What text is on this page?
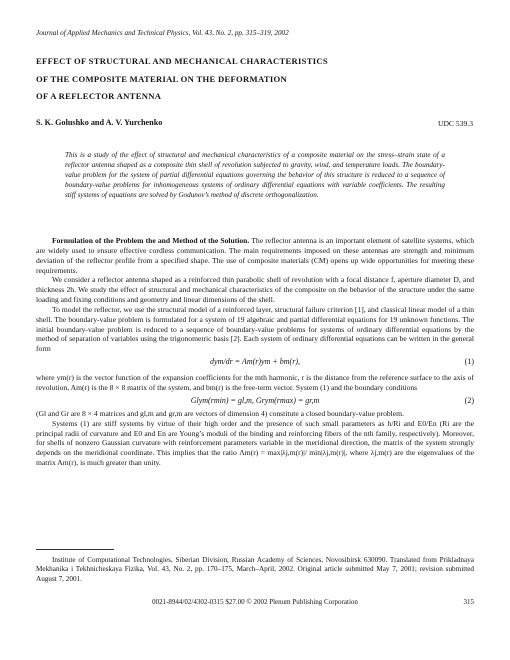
Journal of Applied Mechanics and Technical Physics, Vol. 43, No. 2, pp. 315–319, 2002
EFFECT OF STRUCTURAL AND MECHANICAL CHARACTERISTICS
OF THE COMPOSITE MATERIAL ON THE DEFORMATION
OF A REFLECTOR ANTENNA
S. K. Golushko and A. V. Yurchenko	UDC 539.3
This is a study of the effect of structural and mechanical characteristics of a composite material on the stress–strain state of a reflector antenna shaped as a composite thin shell of revolution subjected to gravity, wind, and temperature loads. The boundary-value problem for the system of partial differential equations governing the behavior of this structure is reduced to a sequence of boundary-value problems for inhomogeneous systems of ordinary differential equations with variable coefficients. The resulting stiff systems of equations are solved by Godunov’s method of discrete orthogonalization.

Formulation of the Problem the and Method of the Solution. The reflector antenna is an important element of satellite systems, which are widely used to ensure effective cordless communication. The main requirements imposed on these antennas are strength and minimum deviation of the reflector profile from a specified shape. The use of composite materials (CM) opens up wide opportunities for meeting these requirements.

We consider a reflector antenna shaped as a reinforced thin parabolic shell of revolution with a focal distance f, aperture diameter D, and thickness 2h. We study the effect of structural and mechanical characteristics of the composite on the behavior of the structure under the same loading and fixing conditions and geometry and linear dimensions of the shell.

To model the reflector, we use the structural model of a reinforced layer, structural failure criterion [1], and classical linear model of a thin shell. The boundary-value problem is formulated for a system of 19 algebraic and partial differential equations for 19 unknown functions. The initial boundary-value problem is reduced to a sequence of boundary-value problems for systems of ordinary differential equations by the method of separation of variables using the trigonometric basis [2]. Each system of ordinary differential equations can be written in the general form

dym/dr = Am(r)ym + bm(r),	(1)

where ym(r) is the vector function of the expansion coefficients for the mth harmonic, r is the distance from the reference surface to the axis of revolution, Am(r) is the 8 × 8 matrix of the system, and bm(r) is the free-term vector. System (1) and the boundary conditions

Glym(rmin) = gl,m, Grym(rmax) = gr,m	(2)

(Gl and Gr are 8 × 4 matrices and gl,m and gr,m are vectors of dimension 4) constitute a closed boundary-value problem.

Systems (1) are stiff systems by virtue of their high order and the presence of such small parameters as h/Ri and E0/En (Ri are the principal radii of curvature and E0 and En are Young’s moduli of the binding and reinforcing fibers of the nth family, respectively). Moreover, for shells of nonzero Gaussian curvature with reinforcement parameters variable in the meridional direction, the matrix of the system strongly depends on the meridional coordinate. This implies that the ratio Λm(r) = max|λj,m(r)|/ min|λj,m(r)|, where λj,m(r) are the eigenvalues of the matrix Am(r), is much greater than unity.

Institute of Computational Technologies, Siberian Division, Russian Academy of Sciences, Novosibirsk 630090. Translated from Prikladnaya Mekhanika i Tekhnicheskaya Fizika, Vol. 43, No. 2, pp. 170–175, March–April, 2002. Original article submitted May 7, 2001; revision submitted August 7, 2001.

0021-8944/02/4302-0315 $27.00 © 2002 Plenum Publishing Corporation	315
